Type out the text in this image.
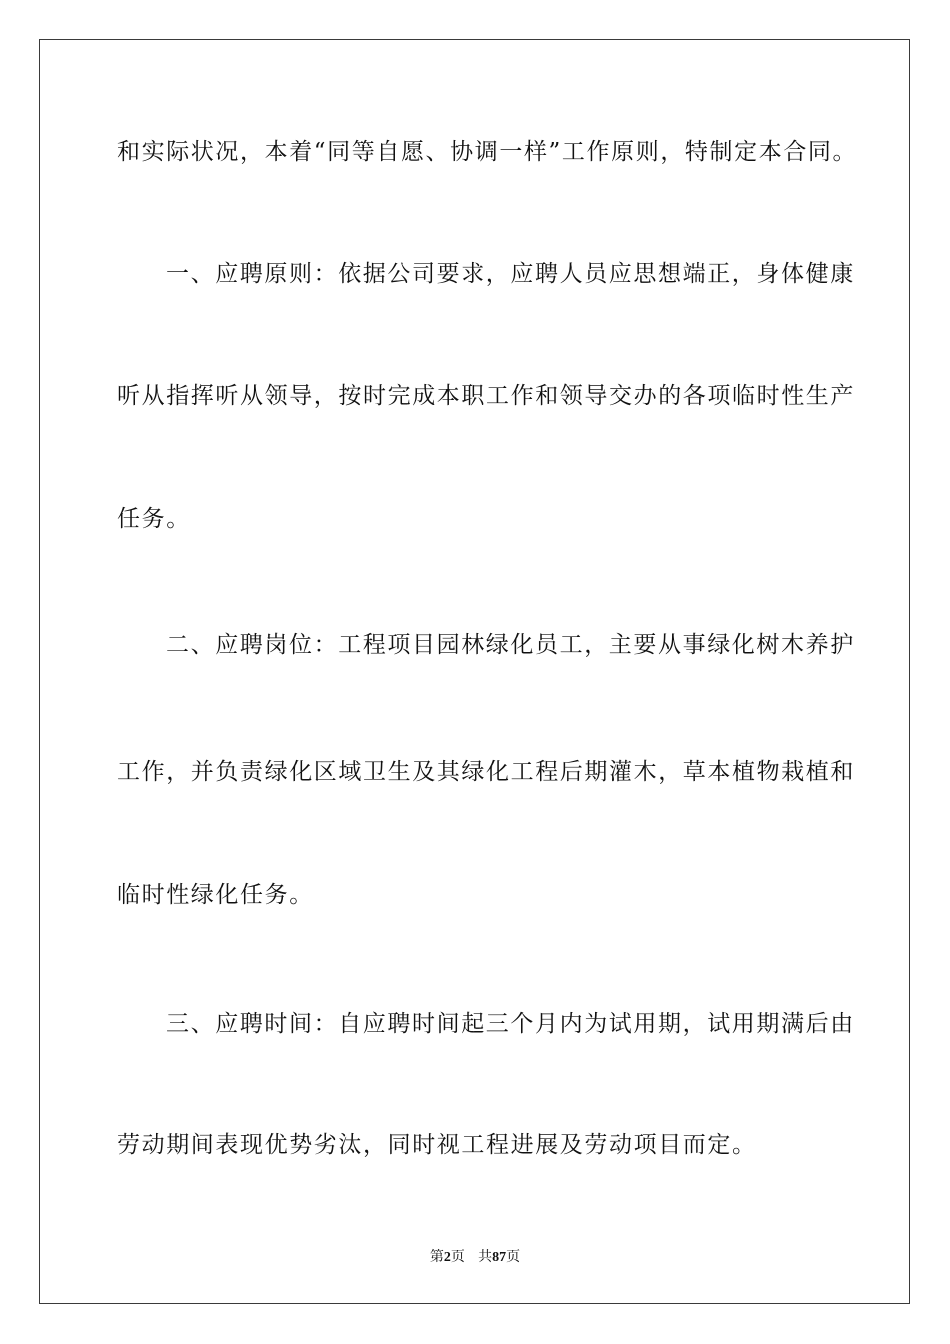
和实际状况，本着“同等自愿、协调一样”工作原则，特制定本合同。
一、应聘原则：依据公司要求，应聘人员应思想端正，身体健康
听从指挥听从领导，按时完成本职工作和领导交办的各项临时性生产
任务。
二、应聘岗位：工程项目园林绿化员工，主要从事绿化树木养护
工作，并负责绿化区域卫生及其绿化工程后期灌木，草本植物栽植和
临时性绿化任务。
三、应聘时间：自应聘时间起三个月内为试用期，试用期满后由
劳动期间表现优势劣汰，同时视工程进展及劳动项目而定。
第2页 共87页
